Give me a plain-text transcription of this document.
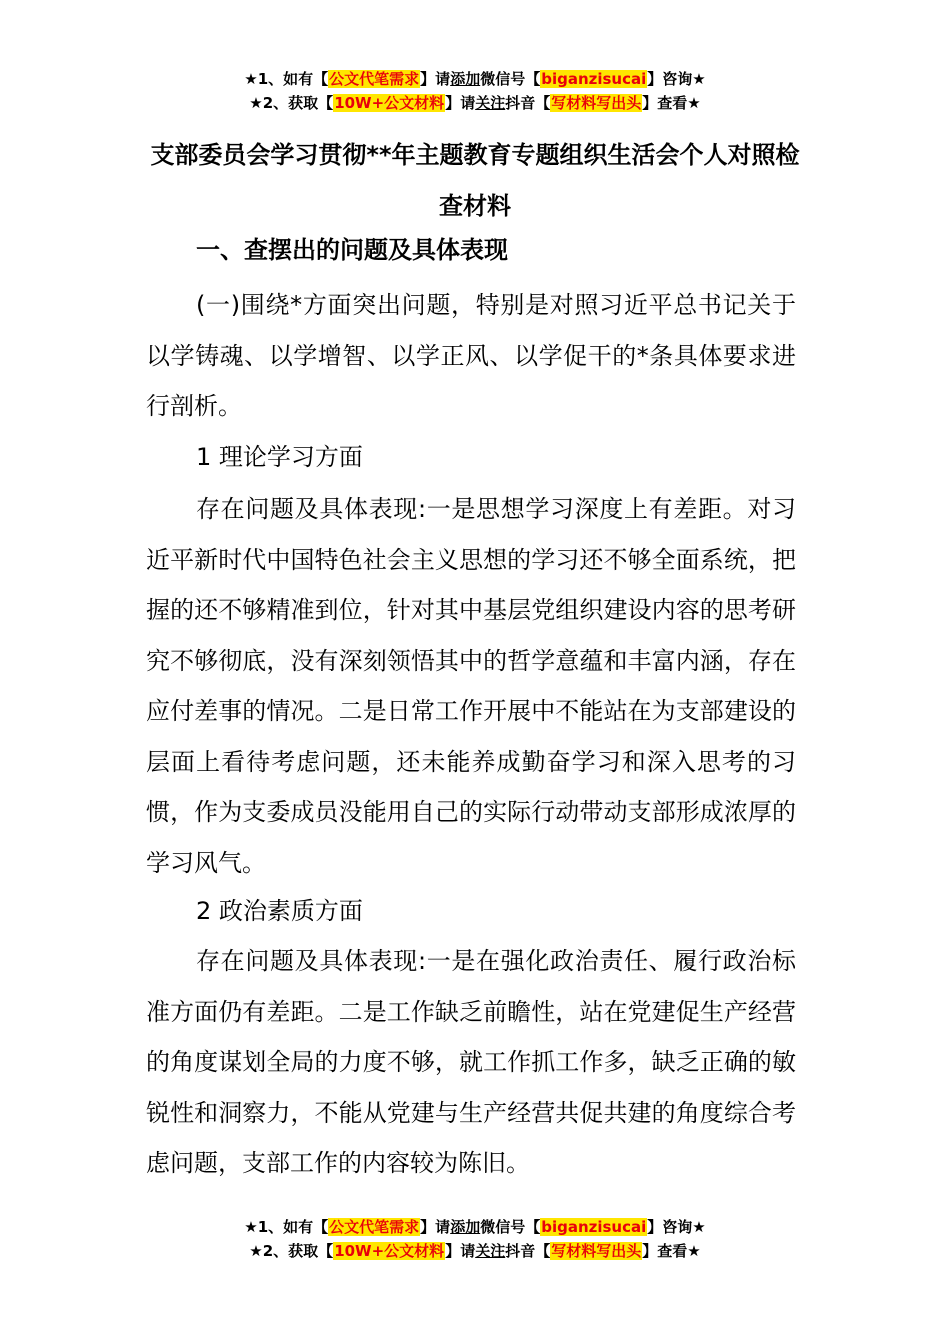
★1、如有【公文代笔需求】请添加微信号【biganzisucai】咨询★
★2、获取【10W+公文材料】请关注抖音【写材料写出头】查看★
支部委员会学习贯彻**年主题教育专题组织生活会个人对照检查材料
一、查摆出的问题及具体表现

(一)围绕*方面突出问题，特别是对照习近平总书记关于以学铸魂、以学增智、以学正风、以学促干的*条具体要求进行剖析。

1 理论学习方面

存在问题及具体表现:一是思想学习深度上有差距。对习近平新时代中国特色社会主义思想的学习还不够全面系统，把握的还不够精准到位，针对其中基层党组织建设内容的思考研究不够彻底，没有深刻领悟其中的哲学意蕴和丰富内涵，存在应付差事的情况。二是日常工作开展中不能站在为支部建设的层面上看待考虑问题，还未能养成勤奋学习和深入思考的习惯，作为支委成员没能用自己的实际行动带动支部形成浓厚的学习风气。

2 政治素质方面

存在问题及具体表现:一是在强化政治责任、履行政治标准方面仍有差距。二是工作缺乏前瞻性，站在党建促生产经营的角度谋划全局的力度不够，就工作抓工作多，缺乏正确的敏锐性和洞察力，不能从党建与生产经营共促共建的角度综合考虑问题，支部工作的内容较为陈旧。

★1、如有【公文代笔需求】请添加微信号【biganzisucai】咨询★
★2、获取【10W+公文材料】请关注抖音【写材料写出头】查看★
